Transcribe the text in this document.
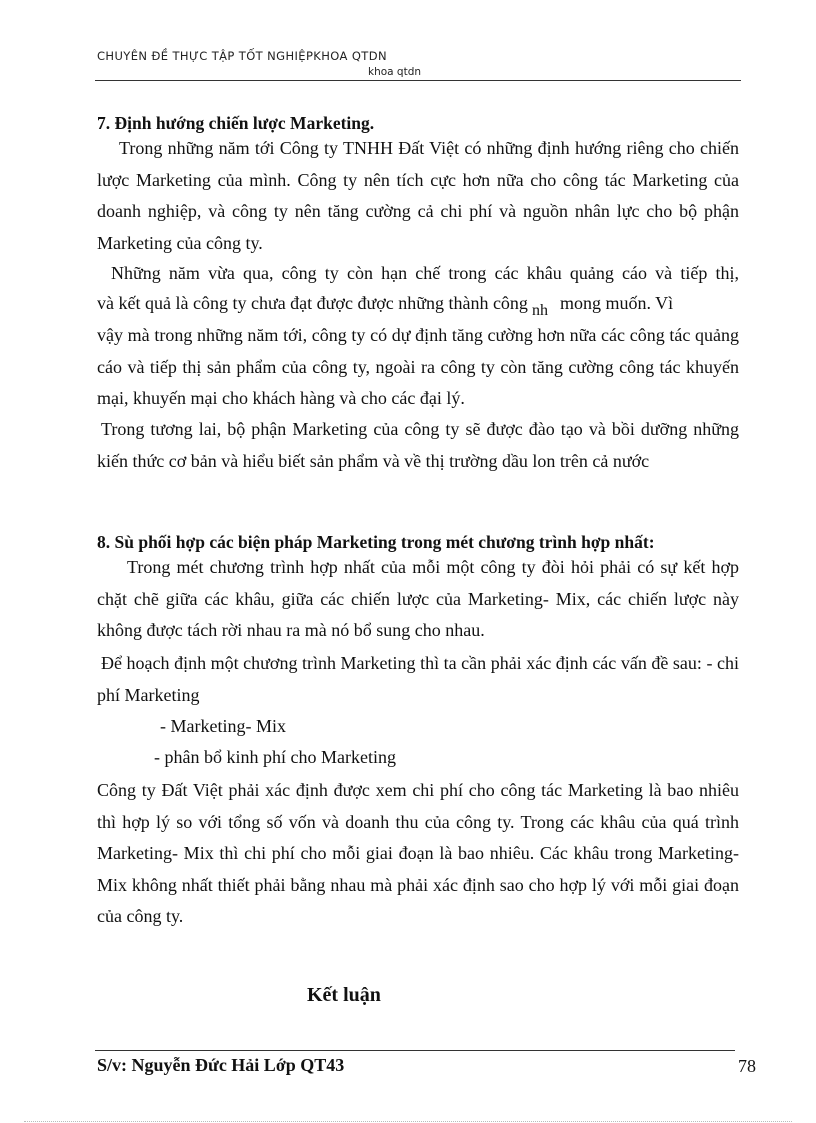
CHUYÊN ĐỀ THỰC TẬP TỐT NGHIỆPKHOA QTDN
khoa qtdn
7. Định hướng chiến lược Marketing.
Trong những năm tới Công ty TNHH Đất Việt có những định hướng riêng cho chiến lược Marketing của mình. Công ty nên tích cực hơn nữa cho công tác Marketing của doanh nghiệp, và công ty nên tăng cường cả chi phí và nguồn nhân lực cho bộ phận Marketing của công ty.
Những năm vừa qua, công ty còn hạn chế trong các khâu quảng cáo và tiếp thị,
và kết quả là công ty chưa đạt được được những thành công nh mong muốn. Vì
vậy mà trong những năm tới, công ty có dự định tăng cường hơn nữa các công tác quảng cáo và tiếp thị sản phẩm của công ty, ngoài ra công ty còn tăng cường công tác khuyến mại, khuyến mại cho khách hàng và cho các đại lý.
Trong tương lai, bộ phận Marketing của công ty sẽ được đào tạo và bồi dưỡng những kiến thức cơ bản và hiểu biết sản phẩm và về thị trường dầu lon trên cả nước
8. Sù phối hợp các biện pháp Marketing trong mét chương trình hợp nhất:
Trong mét chương trình hợp nhất của mỗi một công ty đòi hỏi phải có sự kết hợp chặt chẽ giữa các khâu, giữa các chiến lược của Marketing- Mix, các chiến lược này không được tách rời nhau ra mà nó bổ sung cho nhau.
Để hoạch định một chương trình Marketing thì ta cần phải xác định các vấn đề sau: - chi phí Marketing
- Marketing- Mix
- phân bổ kinh phí cho Marketing
Công ty Đất Việt phải xác định được xem chi phí cho công tác Marketing là bao nhiêu thì hợp lý so với tổng số vốn và doanh thu của công ty. Trong các khâu của quá trình Marketing- Mix thì chi phí cho mỗi giai đoạn là bao nhiêu. Các khâu trong Marketing- Mix không nhất thiết phải bằng nhau mà phải xác định sao cho hợp lý với mỗi giai đoạn của công ty.
Kết luận
S/v: Nguyễn Đức Hải Lớp QT43	78
